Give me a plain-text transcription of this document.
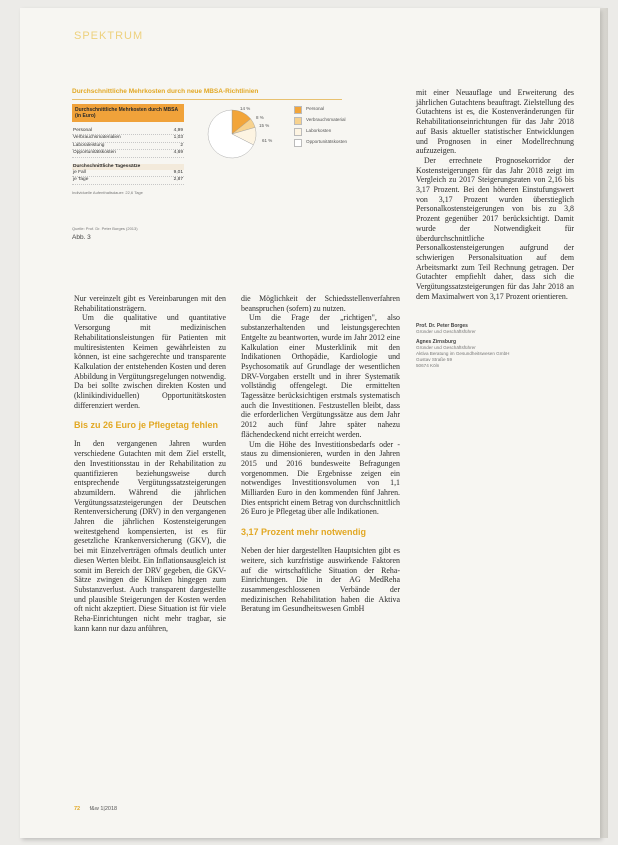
SPEKTRUM
Durchschnittliche Mehrkosten durch neue MBSA-Richtlinien
Durchschnittliche Mehrkosten durch MBSA (in Euro)
Personal	4,99
Verbrauchsmaterialien	1,03
Laboraleistung	2
Opportunitätskosten	4,69
Durchschnittliche Tagessätze
je Fall	9,01
je Tage	2,87
Individuelle Aufenthaltsdauer: 22,6 Tage
14 %
8 %
15 %
61 %
Personal
Verbrauchsmaterial
Laborkosten
Opportunitätskosten
Quelle: Prof. Dr. Peter Borges (2013)
Abb. 3

Nur vereinzelt gibt es Vereinbarungen mit den Rehabilitationsträgern.

Um die qualitative und quantitative Versorgung mit medizinischen Rehabilitationsleistungen für Patienten mit multiresistenten Keimen gewährleisten zu können, ist eine sachgerechte und transparente Kalkulation der entstehenden Kosten und deren Abbildung in Vergütungsregelungen notwendig. Da bei sollte zwischen direkten Kosten und (klinikindividuellen) Opportunitätskosten differenziert werden.

Bis zu 26 Euro je Pflegetag fehlen

In den vergangenen Jahren wurden verschiedene Gutachten mit dem Ziel erstellt, den Investitionsstau in der Rehabilitation zu quantifizieren beziehungsweise durch entsprechende Vergütungssatzsteigerungen abzumildern. Während die jährlichen Vergütungssatzsteigerungen der Deutschen Rentenversicherung (DRV) in den vergangenen Jahren die jährlichen Kostensteigerungen weitestgehend kompensierten, ist es für gesetzliche Krankenversicherung (GKV), die bei mit Einzelverträgen oftmals deutlich unter diesen Werten bleibt. Ein Inflationsausgleich ist somit im Bereich der DRV gegeben, die GKV-Sätze zwingen die Kliniken hingegen zum Substanzverlust. Auch transparent dargestellte und plausible Steigerungen der Kosten werden oft nicht akzeptiert. Diese Situation ist für viele Reha-Einrichtungen nicht mehr tragbar, sie kann kann nur dazu anführen,

die Möglichkeit der Schiedsstellenverfahren beanspruchen (sofern) zu nutzen.

Um die Frage der „richtigen", also substanzerhaltenden und leistungsgerechten Entgelte zu beantworten, wurde im Jahr 2012 eine Kalkulation einer Musterklinik mit den Indikationen Orthopädie, Kardiologie und Psychosomatik auf Grundlage der wesentlichen DRV-Vorgaben erstellt und in ihrer Systematik vollständig offengelegt. Die ermittelten Tagessätze berücksichtigen erstmals systematisch auch die Investitionen. Festzustellen bleibt, dass die erforderlichen Vergütungssätze aus dem Jahr 2012 auch fünf Jahre später nahezu flächendeckend nicht erreicht werden.

Um die Höhe des Investitionsbedarfs oder -staus zu dimensionieren, wurden in den Jahren 2015 und 2016 bundesweite Befragungen vorgenommen. Die Ergebnisse zeigen ein notwendiges Investitionsvolumen von 1,1 Milliarden Euro in den kommenden fünf Jahren. Dies entspricht einem Betrag von durchschnittlich 26 Euro je Pflegetag über alle Indikationen.

3,17 Prozent mehr notwendig

Neben der hier dargestellten Hauptsichten gibt es weitere, sich kurzfristige auswirkende Faktoren auf die wirtschaftliche Situation der Reha-Einrichtungen. Die in der AG MedReha zusammengeschlossenen Verbände der medizinischen Rehabilitation haben die Aktiva Beratung im Gesundheitswesen GmbH

mit einer Neuauflage und Erweiterung des jährlichen Gutachtens beauftragt. Zielstellung des Gutachtens ist es, die Kostenveränderungen für Rehabilitationseinrichtungen für das Jahr 2018 auf Basis aktueller statistischer Entwicklungen und Prognosen in einer Modellrechnung aufzuzeigen.

Der errechnete Prognosekorridor der Kostensteigerungen für das Jahr 2018 zeigt im Vergleich zu 2017 Steigerungsraten von 2,16 bis 3,17 Prozent. Bei den höheren Einstufungswert von 3,17 Prozent wurden überstieglich Personalkostensteigerungen von bis zu 3,8 Prozent gegenüber 2017 berücksichtigt. Damit wurde der Notwendigkeit für überdurchschnittliche Personalkostensteigerungen aufgrund der schwierigen Personalsituation auf dem Arbeitsmarkt zum Teil Rechnung getragen. Der Gutachter empfiehlt daher, dass sich die Vergütungssatzsteigerungen für das Jahr 2018 an dem Maximalwert von 3,17 Prozent orientieren.

Prof. Dr. Peter Borges
Gründer und Geschäftsführer
Agnes Zirnsburg
Gründer und Geschäftsführer
Aktiva Beratung im Gesundheitswesen GmbH
Gustav Straße 59
50674 Köln
72 f&w 1|2018
